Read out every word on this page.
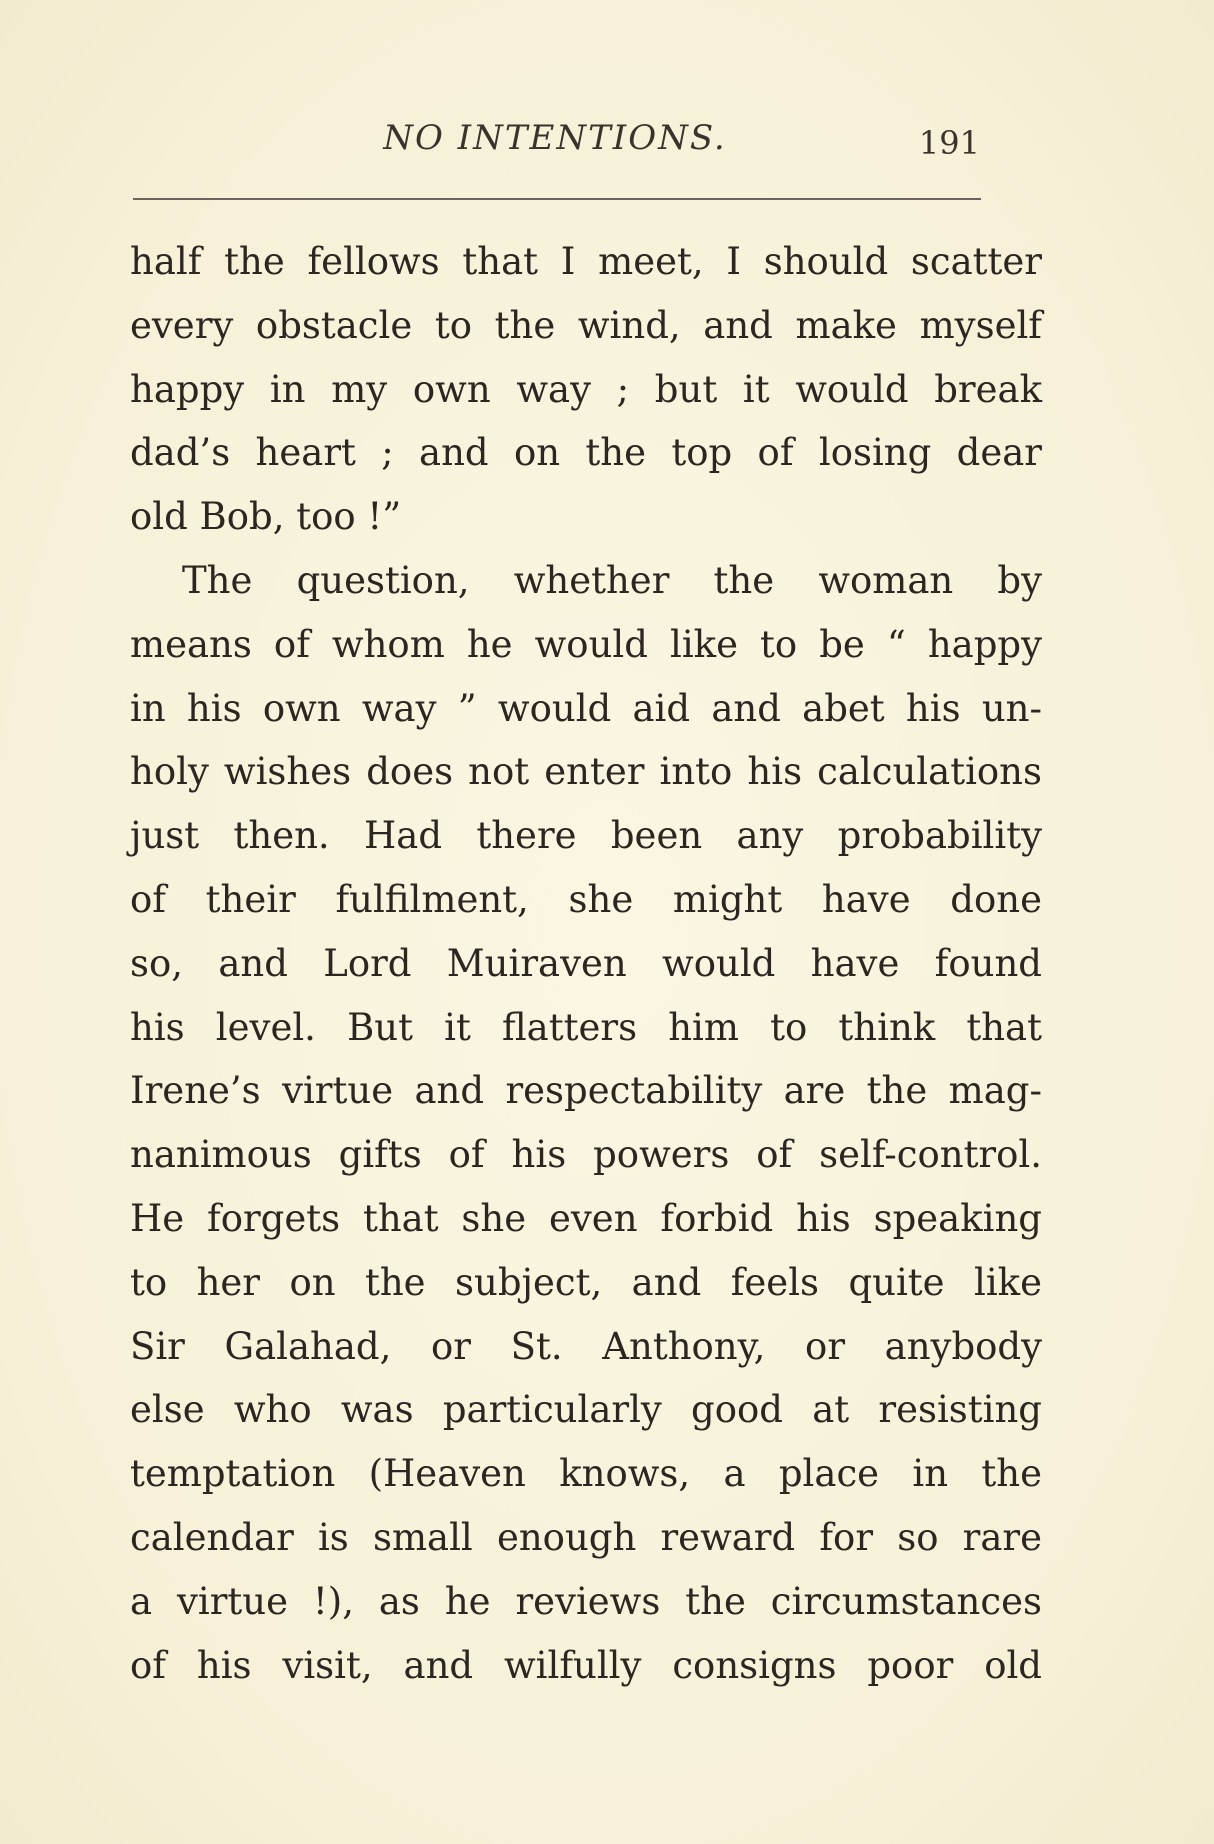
NO INTENTIONS.	191
half the fellows that I meet, I should scatter
every obstacle to the wind, and make myself
happy in my own way ; but it would break
dad’s heart ; and on the top of losing dear
old Bob, too !”
The question, whether the woman by
means of whom he would like to be “ happy
in his own way ” would aid and abet his un-
holy wishes does not enter into his calculations
just then. Had there been any probability
of their fulfilment, she might have done
so, and Lord Muiraven would have found
his level. But it flatters him to think that
Irene’s virtue and respectability are the mag-
nanimous gifts of his powers of self-control.
He forgets that she even forbid his speaking
to her on the subject, and feels quite like
Sir Galahad, or St. Anthony, or anybody
else who was particularly good at resisting
temptation (Heaven knows, a place in the
calendar is small enough reward for so rare
a virtue !), as he reviews the circumstances
of his visit, and wilfully consigns poor old
